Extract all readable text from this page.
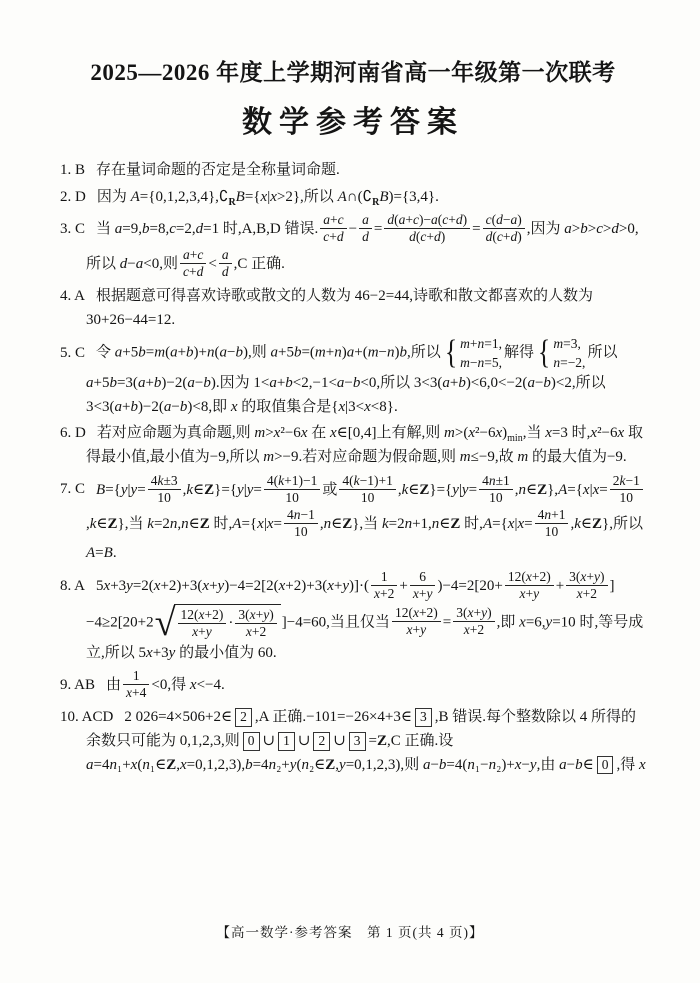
2025—2026 年度上学期河南省高一年级第一次联考
数学参考答案
1. B 存在量词命题的否定是全称量词命题.
2. D 因为 $A=\{0,1,2,3,4\},∁_RB=\{x|x>2\}$,所以 $A\cap(∁_RB)=\{3,4\}$.
3. C 当 a=9,b=8,c=2,d=1 时,A,B,D 错误. $\frac{a+c}{c+d} - \frac{a}{d} = \frac{d(a+c)-a(c+d)}{d(c+d)} = \frac{c(d-a)}{d(c+d)}$ ,因为 a>b>c>d>0,所以 d−a<0,则 $\frac{a+c}{c+d} < \frac{a}{d} ,C$ 正确.
4. A 根据题意可得喜欢诗歌或散文的人数为 46−2=44,诗歌和散文都喜欢的人数为 30+26−44=12.
5. C 令 a+5b=m(a+b)+n(a−b),则 a+5b=(m+n)a+(m−n)b,所以 { m+n=1,
m−n=5,
解得 { m=3,
n=−2,
所以 a+5b=3(a+b)−2(a−b).因为 1<a+b<2,−1<a−b<0,所以 3<3(a+b)<6,0<−2(a−b)<2,所以 3<3(a+b)−2(a−b)<8,即 x 的取值集合是{x|3<x<8}.
6. D 若对应命题为真命题,则 m>x²−6x 在 x∈[0,4]上有解,则 $m>(x^2-6x)_{min}$,当 x=3 时,x²−6x 取得最小值,最小值为−9,所以 m>−9.若对应命题为假命题,则 m≤−9,故 m 的最大值为−9.
7. C $B=\{y|y= \frac{4k\pm 3}{10}$ ,k∈Z}={y|y= $\frac{4(k+1)-1}{10}$ 或 $\frac{4(k-1)+1}{10}$ ,k∈Z}={y|y= $\frac{4n\pm 1}{10}$ ,n∈Z},A={x|x= $\frac{2k-1}{10}$
,k∈Z},当 k=2n,n∈Z 时$,A=\{x|x= \frac{4n-1}{10}$ ,n∈Z},当 k=2n+1,n∈Z 时$,A=\{x|x= \frac{4n+1}{10}$ ,k∈Z},所以 A=B.
8. A $5x+3y=2(x+2)+3(x+y)-4=2[2(x+2)+3(x+y)]\cdot( \frac{1}{x+2} + \frac{6}{x+y} )-4=2[20+ \frac{12(x+2)}{x+y} + \frac{3(x+y)}{x+2} ]-4\ge 2[20+2$ √ $\frac{12(x+2)}{x+y} \cdot \frac{3(x+y)}{x+2} ]-4=60$,当且仅当 $\frac{12(x+2)}{x+y} = \frac{3(x+y)}{x+2}$ ,即 x=6,y=10 时,等号成立,所以 5x+3y 的最小值为 60.
9. AB 由 $\frac{1}{x+4} <0$,得 x<−4.
10. ACD 2 026=4×506+2∈ 2 ,A 正确.−101=−26×4+3∈ 3 ,B 错误.每个整数除以 4 所得的余数只可能为 0,1,2,3,则 0 ∪ 1 ∪ 2 ∪ 3 =Z,C 正确.设 a=4n₁+x(n₁∈Z,x=0,1,2,3),b=4n₂+y(n₂∈Z,y=0,1,2,3),则 a−b=4(n₁−n₂)+x−y,由 a−b∈ 0 ,得 x
【高一数学·参考答案　第 1 页(共 4 页)】
